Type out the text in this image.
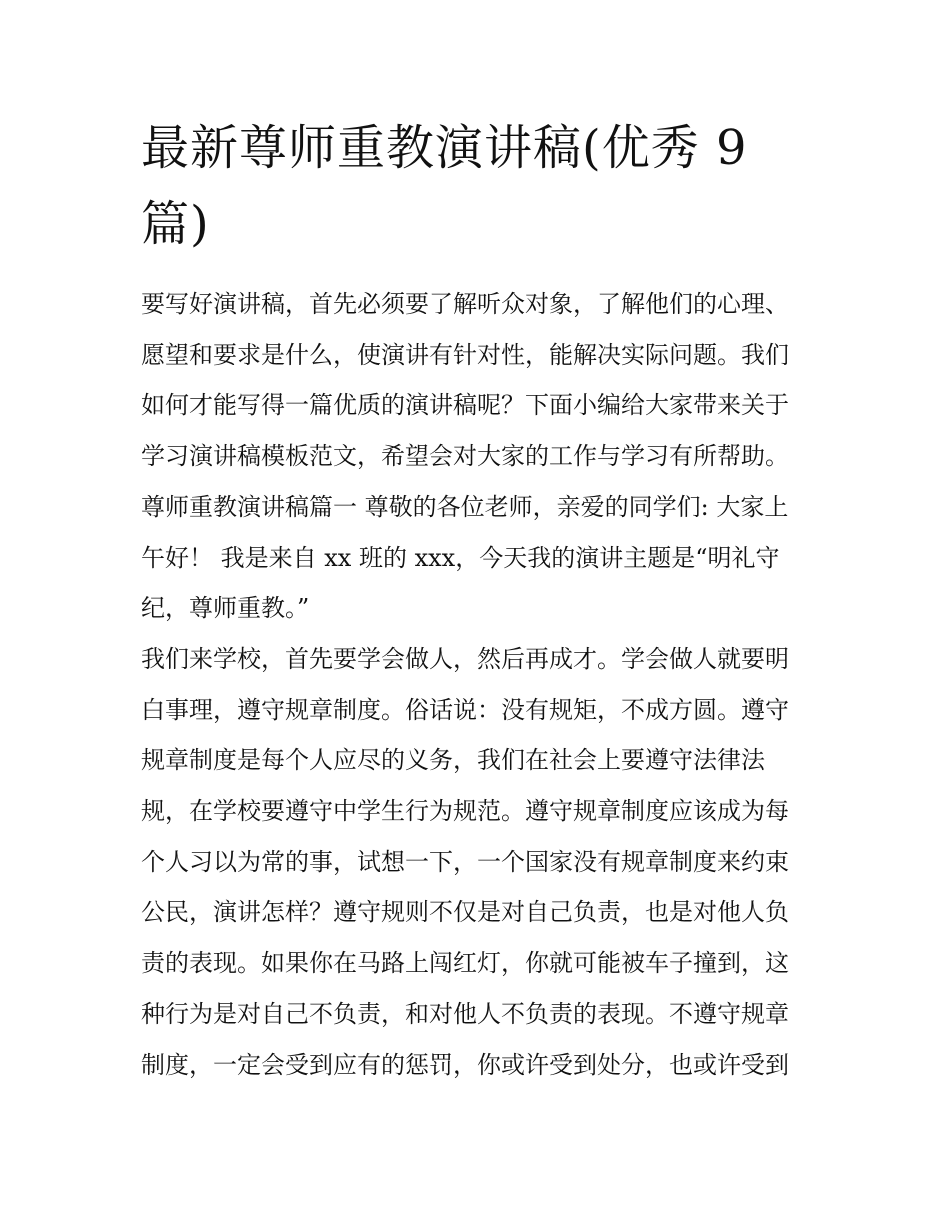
最新尊师重教演讲稿(优秀 9
篇)

要写好演讲稿，首先必须要了解听众对象，了解他们的心理、

愿望和要求是什么，使演讲有针对性，能解决实际问题。我们

如何才能写得一篇优质的演讲稿呢？下面小编给大家带来关于

学习演讲稿模板范文，希望会对大家的工作与学习有所帮助。

尊师重教演讲稿篇一 尊敬的各位老师，亲爱的同学们: 大家上

午好！ 我是来自 xx 班的 xxx，今天我的演讲主题是“明礼守

纪，尊师重教。”

我们来学校，首先要学会做人，然后再成才。学会做人就要明

白事理，遵守规章制度。俗话说：没有规矩，不成方圆。遵守

规章制度是每个人应尽的义务，我们在社会上要遵守法律法

规，在学校要遵守中学生行为规范。遵守规章制度应该成为每

个人习以为常的事，试想一下，一个国家没有规章制度来约束

公民，演讲怎样？遵守规则不仅是对自己负责，也是对他人负

责的表现。如果你在马路上闯红灯，你就可能被车子撞到，这

种行为是对自己不负责，和对他人不负责的表现。不遵守规章

制度，一定会受到应有的惩罚，你或许受到处分，也或许受到
